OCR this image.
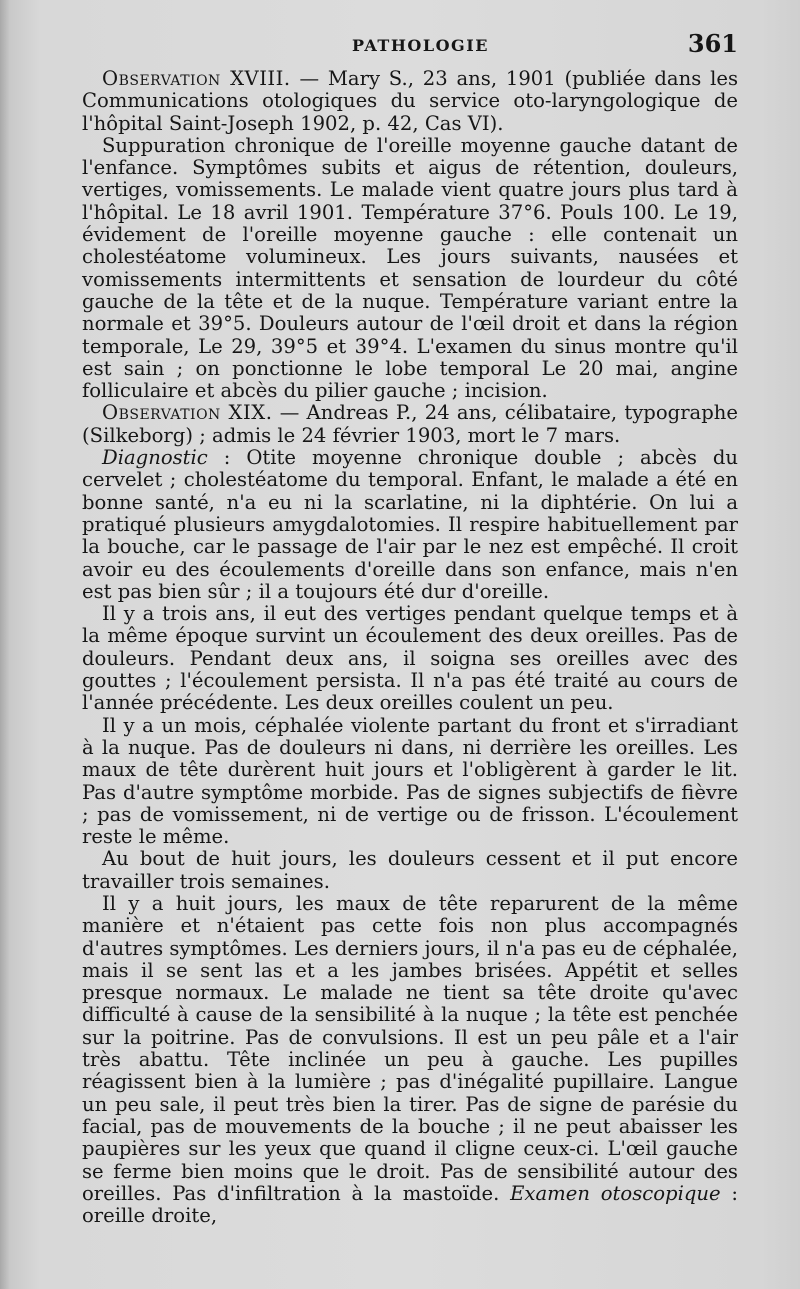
PATHOLOGIE	361

Observation XVIII. — Mary S., 23 ans, 1901 (publiée dans les Communications otologiques du service oto-laryngologique de l'hôpital Saint-Joseph 1902, p. 42, Cas VI).

Suppuration chronique de l'oreille moyenne gauche datant de l'enfance. Symptômes subits et aigus de rétention, douleurs, vertiges, vomissements. Le malade vient quatre jours plus tard à l'hôpital. Le 18 avril 1901. Température 37°6. Pouls 100. Le 19, évidement de l'oreille moyenne gauche : elle contenait un cholestéatome volumineux. Les jours suivants, nausées et vomissements intermittents et sensation de lourdeur du côté gauche de la tête et de la nuque. Température variant entre la normale et 39°5. Douleurs autour de l'œil droit et dans la région temporale, Le 29, 39°5 et 39°4. L'examen du sinus montre qu'il est sain ; on ponctionne le lobe temporal Le 20 mai, angine folliculaire et abcès du pilier gauche ; incision.

Observation XIX. — Andreas P., 24 ans, célibataire, typographe (Silkeborg) ; admis le 24 février 1903, mort le 7 mars.

Diagnostic : Otite moyenne chronique double ; abcès du cervelet ; cholestéatome du temporal. Enfant, le malade a été en bonne santé, n'a eu ni la scarlatine, ni la diphtérie. On lui a pratiqué plusieurs amygdalotomies. Il respire habituellement par la bouche, car le passage de l'air par le nez est empêché. Il croit avoir eu des écoulements d'oreille dans son enfance, mais n'en est pas bien sûr ; il a toujours été dur d'oreille.

Il y a trois ans, il eut des vertiges pendant quelque temps et à la même époque survint un écoulement des deux oreilles. Pas de douleurs. Pendant deux ans, il soigna ses oreilles avec des gouttes ; l'écoulement persista. Il n'a pas été traité au cours de l'année précédente. Les deux oreilles coulent un peu.

Il y a un mois, céphalée violente partant du front et s'irradiant à la nuque. Pas de douleurs ni dans, ni derrière les oreilles. Les maux de tête durèrent huit jours et l'obligèrent à garder le lit. Pas d'autre symptôme morbide. Pas de signes subjectifs de fièvre ; pas de vomissement, ni de vertige ou de frisson. L'écoulement reste le même.

Au bout de huit jours, les douleurs cessent et il put encore travailler trois semaines.

Il y a huit jours, les maux de tête reparurent de la même manière et n'étaient pas cette fois non plus accompagnés d'autres symptômes. Les derniers jours, il n'a pas eu de céphalée, mais il se sent las et a les jambes brisées. Appétit et selles presque normaux. Le malade ne tient sa tête droite qu'avec difficulté à cause de la sensibilité à la nuque ; la tête est penchée sur la poitrine. Pas de convulsions. Il est un peu pâle et a l'air très abattu. Tête inclinée un peu à gauche. Les pupilles réagissent bien à la lumière ; pas d'inégalité pupillaire. Langue un peu sale, il peut très bien la tirer. Pas de signe de parésie du facial, pas de mouvements de la bouche ; il ne peut abaisser les paupières sur les yeux que quand il cligne ceux-ci. L'œil gauche se ferme bien moins que le droit. Pas de sensibilité autour des oreilles. Pas d'infiltration à la mastoïde. Examen otoscopique : oreille droite,
